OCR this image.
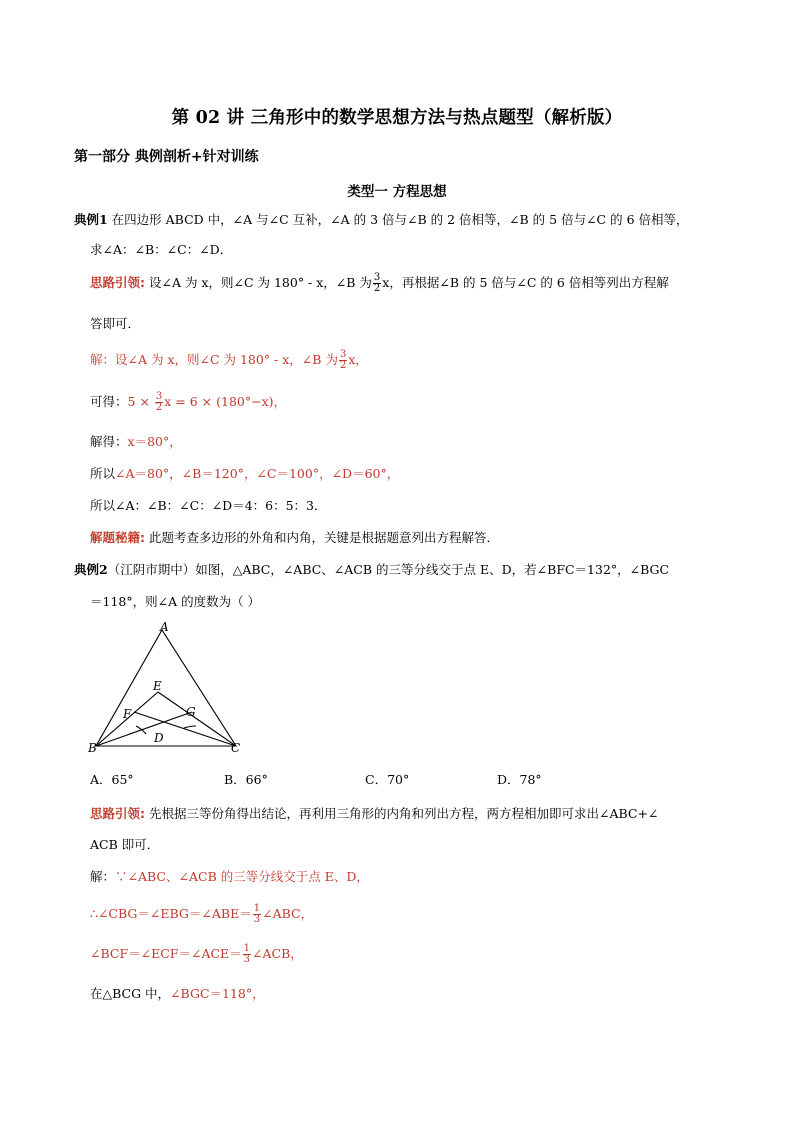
第 02 讲 三角形中的数学思想方法与热点题型（解析版）
第一部分 典例剖析+针对训练
类型一 方程思想
典例1 在四边形 ABCD 中，∠A 与∠C 互补，∠A 的 3 倍与∠B 的 2 倍相等，∠B 的 5 倍与∠C 的 6 倍相等，
求∠A：∠B：∠C：∠D．
思路引领: 设∠A 为 x，则∠C 为 180° - x，∠B 为 $\frac{3}{2}$ x，再根据∠B 的 5 倍与∠C 的 6 倍相等列出方程解
答即可．
解：设∠A 为 x，则∠C 为 180° - x，∠B 为 $\frac{3}{2}$ x，
可得：$5 \times \frac{3}{2}$ x = 6 × (180°−x)，
解得：x＝80°，
所以∠A＝80°，∠B＝120°，∠C＝100°，∠D＝60°，
所以∠A：∠B：∠C：∠D＝4：6：5：3．
解题秘籍: 此题考查多边形的外角和内角，关键是根据题意列出方程解答．
典例2（江阴市期中）如图，△ABC，∠ABC、∠ACB 的三等分线交于点 E、D，若∠BFC＝132°，∠BGC
＝118°，则∠A 的度数为（ ）
A
B	C
D
E
F	G
A．65°	B．66°	C．70°	D．78°
思路引领: 先根据三等份角得出结论，再利用三角形的内角和列出方程，两方程相加即可求出∠ABC+∠
ACB 即可．
解：∵∠ABC、∠ACB 的三等分线交于点 E、D，
∴∠CBG＝∠EBG＝∠ABE＝ $\frac{1}{3}$ ∠ABC，
∠BCF＝∠ECF＝∠ACE＝ $\frac{1}{3}$ ∠ACB，
在△BCG 中，∠BGC＝118°，
